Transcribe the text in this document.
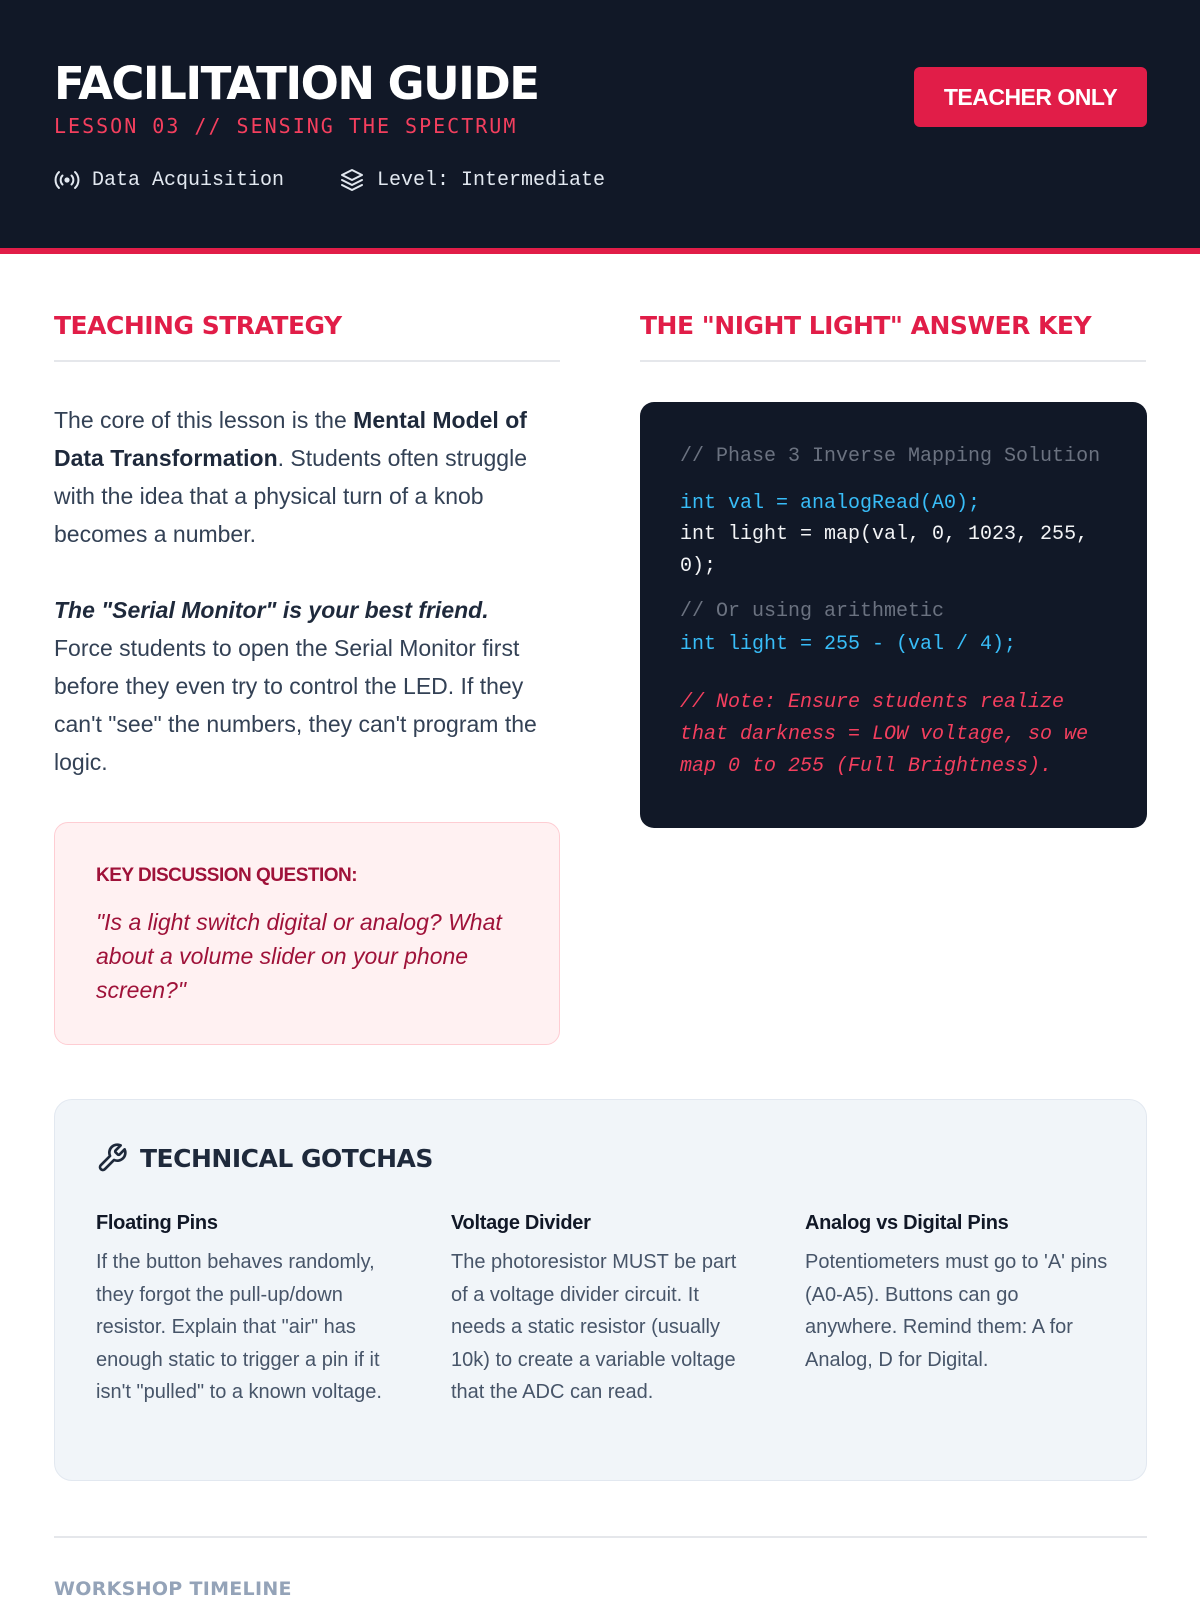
FACILITATION GUIDE
LESSON 03 // SENSING THE SPECTRUM
Data Acquisition	Level: Intermediate
TEACHER ONLY
TEACHING STRATEGY

The core of this lesson is the Mental Model of Data Transformation. Students often struggle with the idea that a physical turn of a knob becomes a number.

The "Serial Monitor" is your best friend.
Force students to open the Serial Monitor first before they even try to control the LED. If they can't "see" the numbers, they can't program the logic.

KEY DISCUSSION QUESTION:
"Is a light switch digital or analog? What about a volume slider on your phone screen?"
THE "NIGHT LIGHT" ANSWER KEY
// Phase 3 Inverse Mapping Solution
int val = analogRead(A0);
int light = map(val, 0, 1023, 255,
0);
// Or using arithmetic
int light = 255 - (val / 4);
// Note: Ensure students realize
that darkness = LOW voltage, so we
map 0 to 255 (Full Brightness).
TECHNICAL GOTCHAS
Floating Pins

If the button behaves randomly, they forgot the pull-up/down resistor. Explain that "air" has enough static to trigger a pin if it isn't "pulled" to a known voltage.

Voltage Divider

The photoresistor MUST be part of a voltage divider circuit. It needs a static resistor (usually 10k) to create a variable voltage that the ADC can read.

Analog vs Digital Pins

Potentiometers must go to 'A' pins (A0-A5). Buttons can go anywhere. Remind them: A for Analog, D for Digital.

WORKSHOP TIMELINE
